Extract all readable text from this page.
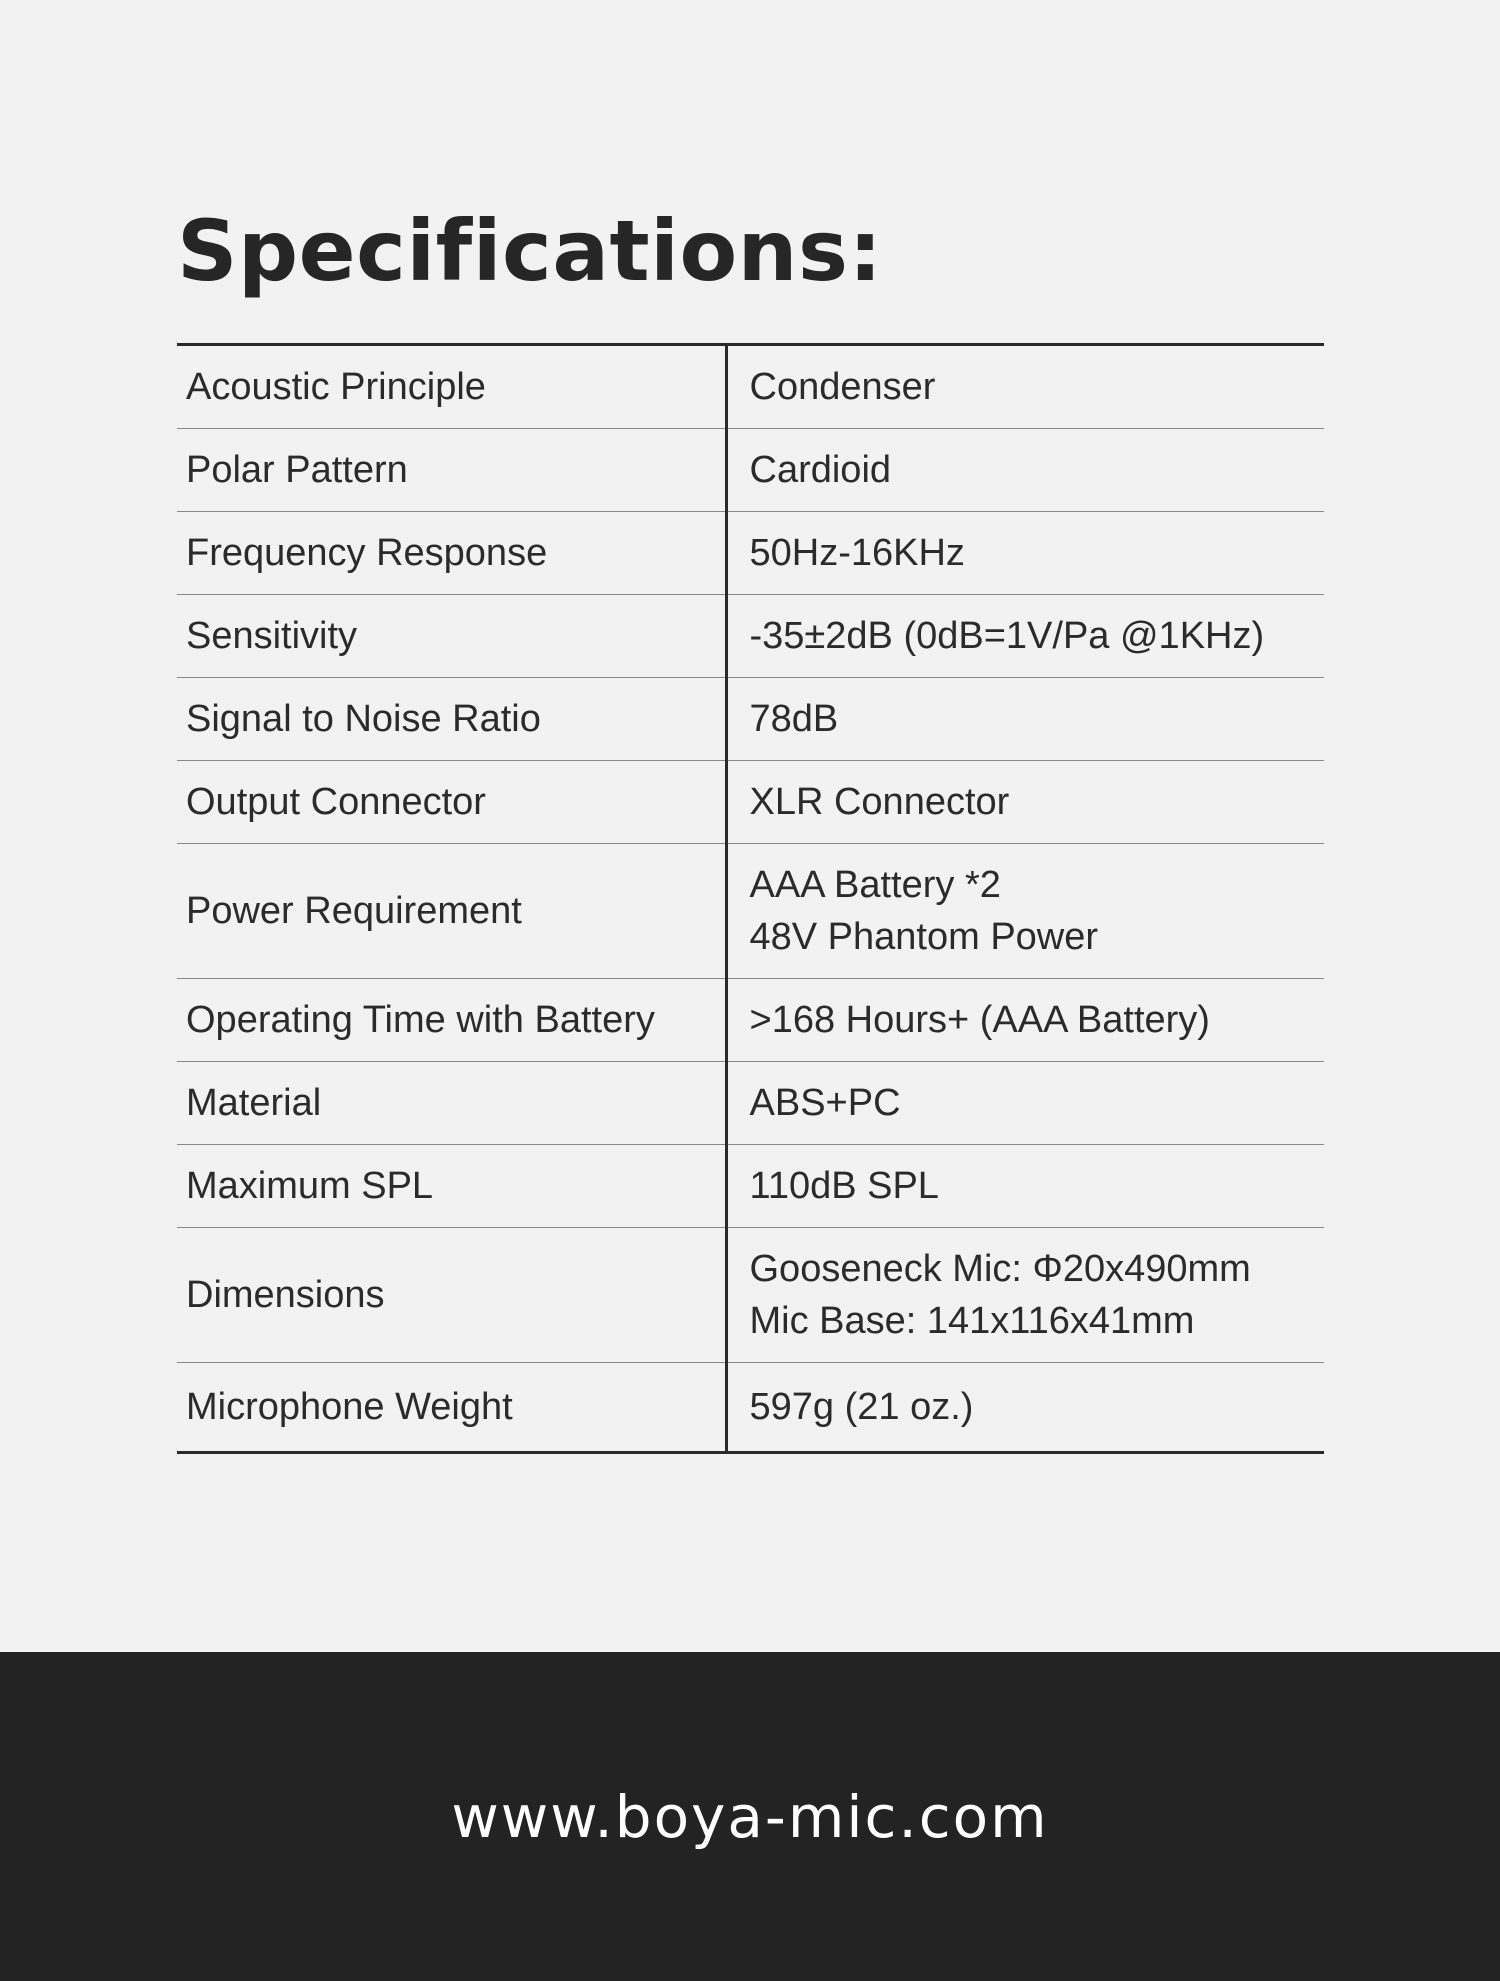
Specifications:
Acoustic Principle	Condenser

Polar Pattern	Cardioid

Frequency Response	50Hz-16KHz

Sensitivity	-35±2dB (0dB=1V/Pa @1KHz)

Signal to Noise Ratio	78dB

Output Connector	XLR Connector

Power Requirement	AAA Battery *2
48V Phantom Power

Operating Time with Battery	>168 Hours+ (AAA Battery)

Material	ABS+PC

Maximum SPL	110dB SPL

Dimensions	Gooseneck Mic: Φ20x490mm
Mic Base: 141x116x41mm

Microphone Weight	597g (21 oz.)
www.boya-mic.com
